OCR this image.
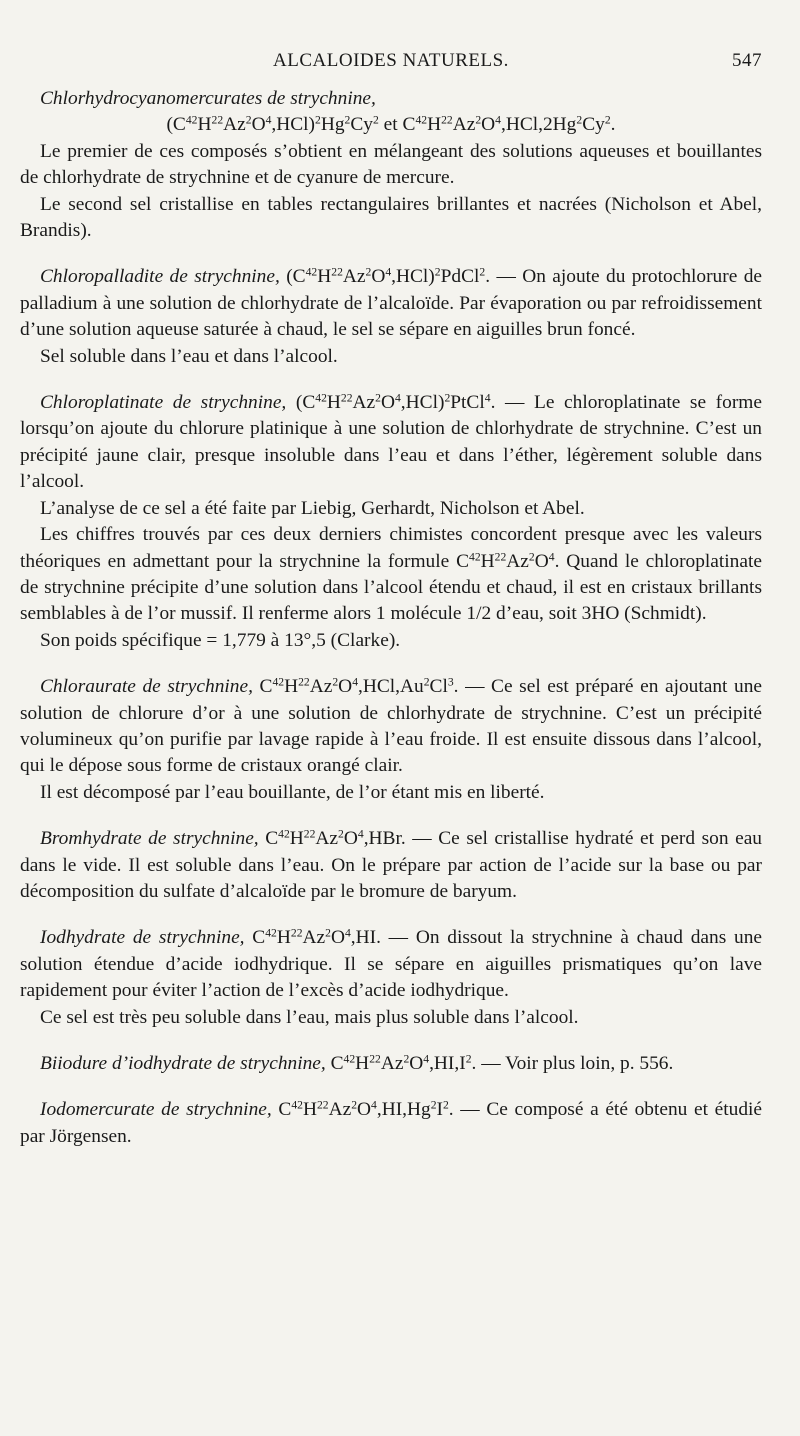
ALCALOIDES NATURELS.	547

Chlorhydrocyanomercurates de strychnine,

$(C^{42}H^{22}Az^2O^4,HCl)^2Hg^2Cy^2$ et $C^{42}H^{22}Az^2O^4,HCl,2Hg^2Cy^2$.

Le premier de ces composés s’obtient en mélangeant des solutions aqueuses et bouillantes de chlorhydrate de strychnine et de cyanure de mercure.

Le second sel cristallise en tables rectangulaires brillantes et nacrées (Nicholson et Abel, Brandis).

Chloropalladite de strychnine, $(C^{42}H^{22}Az^2O^4,HCl)^2PdCl^2$. — On ajoute du protochlorure de palladium à une solution de chlorhydrate de l’alcaloïde. Par évaporation ou par refroidissement d’une solution aqueuse saturée à chaud, le sel se sépare en aiguilles brun foncé.

Sel soluble dans l’eau et dans l’alcool.

Chloroplatinate de strychnine, $(C^{42}H^{22}Az^2O^4,HCl)^2PtCl^4$. — Le chloroplatinate se forme lorsqu’on ajoute du chlorure platinique à une solution de chlorhydrate de strychnine. C’est un précipité jaune clair, presque insoluble dans l’eau et dans l’éther, légèrement soluble dans l’alcool.

L’analyse de ce sel a été faite par Liebig, Gerhardt, Nicholson et Abel.

Les chiffres trouvés par ces deux derniers chimistes concordent presque avec les valeurs théoriques en admettant pour la strychnine la formule $C^{42}H^{22}Az^2O^4$. Quand le chloroplatinate de strychnine précipite d’une solution dans l’alcool étendu et chaud, il est en cristaux brillants semblables à de l’or mussif. Il renferme alors 1 molécule 1/2 d’eau, soit 3HO (Schmidt).

Son poids spécifique = 1,779 à 13°,5 (Clarke).

Chloraurate de strychnine, $C^{42}H^{22}Az^2O^4,HCl,Au^2Cl^3$. — Ce sel est préparé en ajoutant une solution de chlorure d’or à une solution de chlorhydrate de strychnine. C’est un précipité volumineux qu’on purifie par lavage rapide à l’eau froide. Il est ensuite dissous dans l’alcool, qui le dépose sous forme de cristaux orangé clair.

Il est décomposé par l’eau bouillante, de l’or étant mis en liberté.

Bromhydrate de strychnine, $C^{42}H^{22}Az^2O^4,HBr$. — Ce sel cristallise hydraté et perd son eau dans le vide. Il est soluble dans l’eau. On le prépare par action de l’acide sur la base ou par décomposition du sulfate d’alcaloïde par le bromure de baryum.

Iodhydrate de strychnine, $C^{42}H^{22}Az^2O^4,HI$. — On dissout la strychnine à chaud dans une solution étendue d’acide iodhydrique. Il se sépare en aiguilles prismatiques qu’on lave rapidement pour éviter l’action de l’excès d’acide iodhydrique.

Ce sel est très peu soluble dans l’eau, mais plus soluble dans l’alcool.

Biiodure d’iodhydrate de strychnine, $C^{42}H^{22}Az^2O^4,HI,I^2$. — Voir plus loin, p. 556.

Iodomercurate de strychnine, $C^{42}H^{22}Az^2O^4,HI,Hg^2I^2$. — Ce composé a été obtenu et étudié par Jörgensen.
